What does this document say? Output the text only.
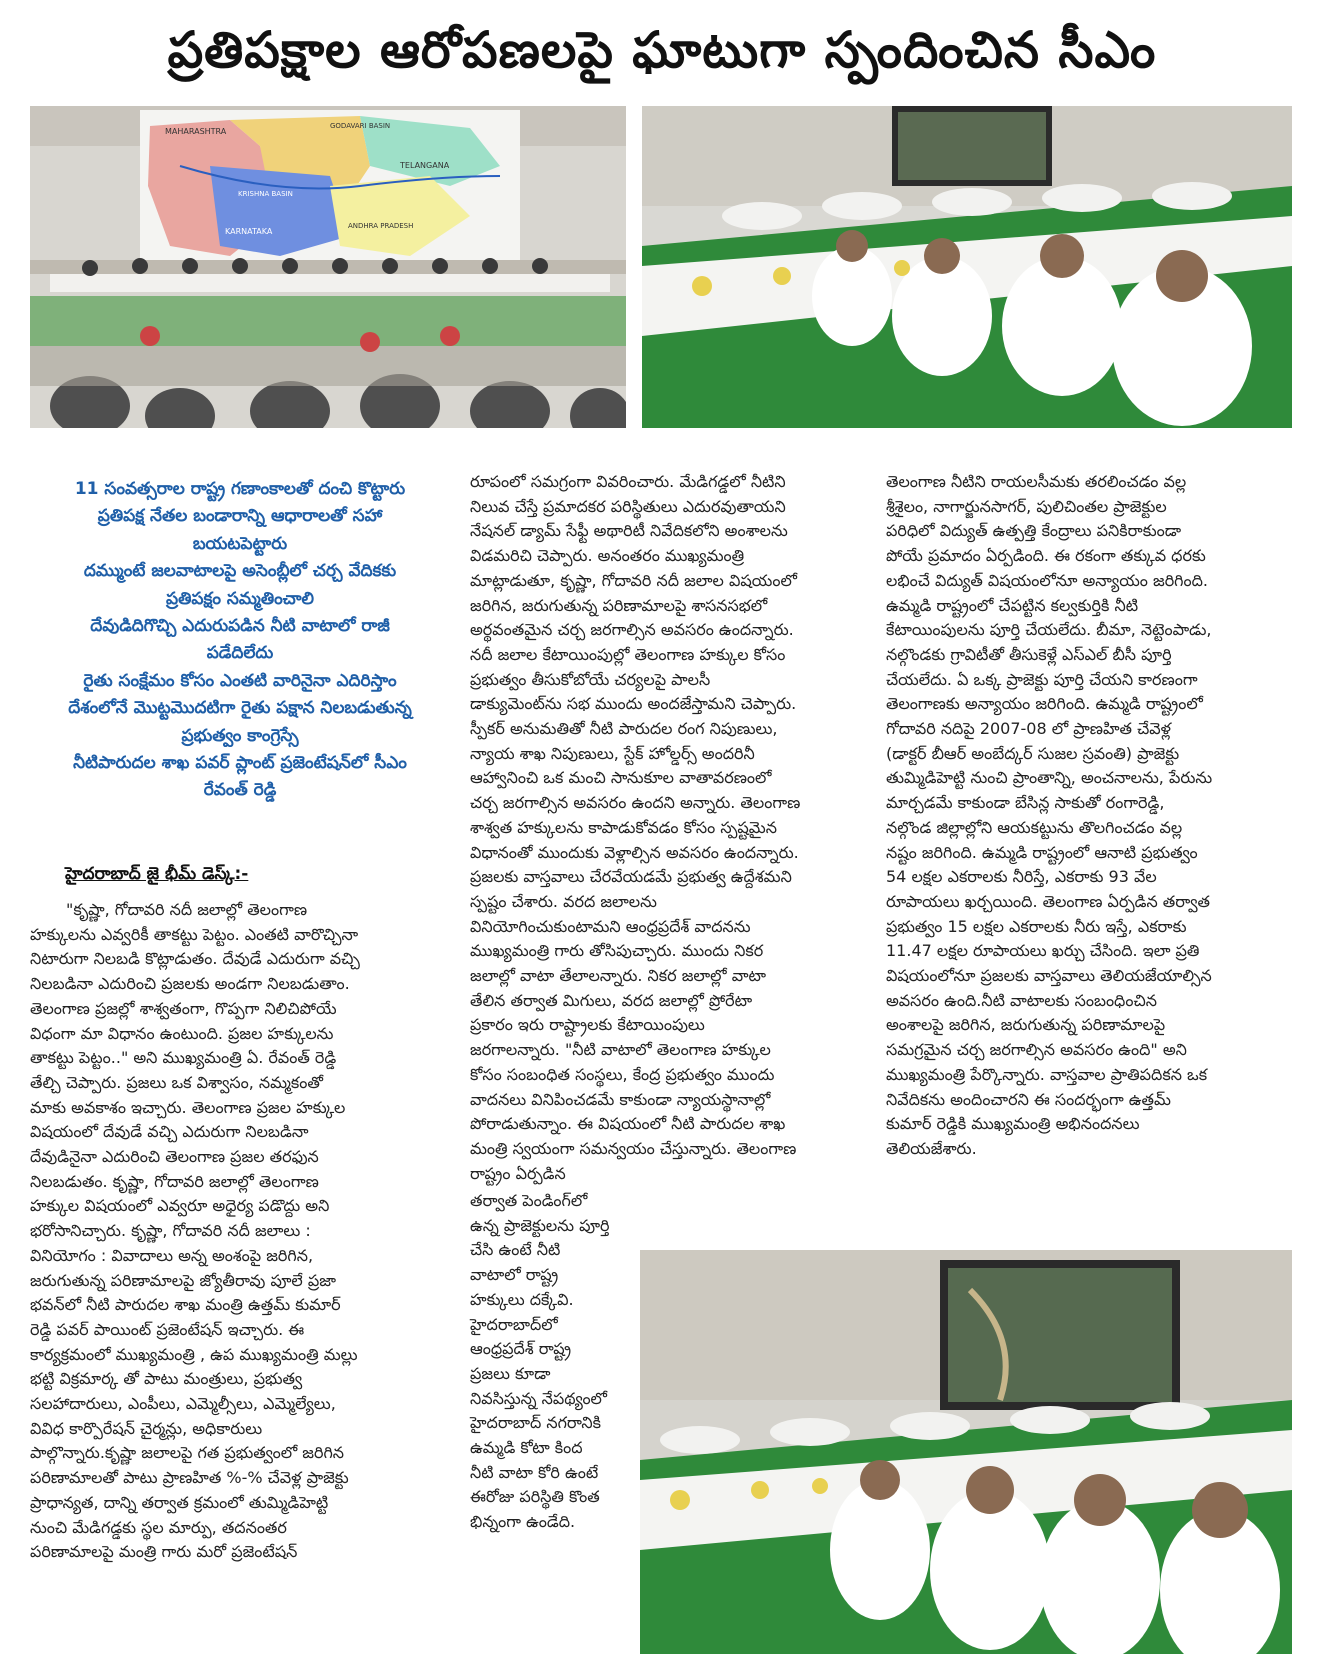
ప్రతిపక్షాల ఆరోపణలపై ఘాటుగా స్పందించిన సీఎం
MAHARASHTRA
GODAVARI BASIN
TELANGANA
KRISHNA BASIN
KARNATAKA
ANDHRA PRADESH

11 సంవత్సరాల రాష్ట్ర గణాంకాలతో దంచి కొట్టారు

ప్రతిపక్ష నేతల బండారాన్ని ఆధారాలతో సహా

బయటపెట్టారు

దమ్ముంటే జలవాటాలపై అసెంబ్లీలో చర్చ వేదికకు

ప్రతిపక్షం సమ్మతించాలి

దేవుడిదిగొచ్చి ఎదురుపడిన నీటి వాటాలో రాజీ

పడేదిలేదు

రైతు సంక్షేమం కోసం ఎంతటి వారినైనా ఎదిరిస్తాం

దేశంలోనే మొట్టమొదటిగా రైతు పక్షాన నిలబడుతున్న

ప్రభుత్వం కాంగ్రెస్సే

నీటిపారుదల శాఖ పవర్ ప్లాంట్ ప్రజెంటేషన్‌లో సీఎం

రేవంత్ రెడ్డి

హైదరాబాద్ జై భీమ్ డెస్క్:-

"కృష్ణా, గోదావరి నదీ జలాల్లో తెలంగాణ

హక్కులను ఎవ్వరికీ తాకట్టు పెట్టం. ఎంతటి వారొచ్చినా

నిటారుగా నిలబడి కొట్లాడుతం. దేవుడే ఎదురుగా వచ్చి

నిలబడినా ఎదురించి ప్రజలకు అండగా నిలబడుతాం.

తెలంగాణ ప్రజల్లో శాశ్వతంగా, గొప్పగా నిలిచిపోయే

విధంగా మా విధానం ఉంటుంది. ప్రజల హక్కులను

తాకట్టు పెట్టం.." అని ముఖ్యమంత్రి ఏ. రేవంత్ రెడ్డి

తేల్చి చెప్పారు. ప్రజలు ఒక విశ్వాసం, నమ్మకంతో

మాకు అవకాశం ఇచ్చారు. తెలంగాణ ప్రజల హక్కుల

విషయంలో దేవుడే వచ్చి ఎదురుగా నిలబడినా

దేవుడినైనా ఎదురించి తెలంగాణ ప్రజల తరఫున

నిలబడుతం. కృష్ణా, గోదావరి జలాల్లో తెలంగాణ

హక్కుల విషయంలో ఎవ్వరూ అధైర్య పడొద్దు అని

భరోసానిచ్చారు. కృష్ణా, గోదావరి నదీ జలాలు :

వినియోగం : వివాదాలు అన్న అంశంపై జరిగిన,

జరుగుతున్న పరిణామాలపై జ్యోతీరావు పూలే ప్రజా

భవన్‌లో నీటి పారుదల శాఖ మంత్రి ఉత్తమ్ కుమార్

రెడ్డి పవర్ పాయింట్ ప్రజెంటేషన్ ఇచ్చారు. ఈ

కార్యక్రమంలో ముఖ్యమంత్రి , ఉప ముఖ్యమంత్రి మల్లు

భట్టి విక్రమార్క తో పాటు మంత్రులు, ప్రభుత్వ

సలహాదారులు, ఎంపీలు, ఎమ్మెల్సీలు, ఎమ్మెల్యేలు,

వివిధ కార్పొరేషన్ చైర్మన్లు, అధికారులు

పాల్గొన్నారు.కృష్ణా జలాలపై గత ప్రభుత్వంలో జరిగిన

పరిణామాలతో పాటు ప్రాణహిత %-% చేవెళ్ల ప్రాజెక్టు

ప్రాధాన్యత, దాన్ని తర్వాత క్రమంలో తుమ్మిడిహెట్టి

నుంచి మేడిగడ్డకు స్థల మార్పు, తదనంతర

పరిణామాలపై మంత్రి గారు మరో ప్రజెంటేషన్

రూపంలో సమగ్రంగా వివరించారు. మేడిగడ్డలో నీటిని

నిలువ చేస్తే ప్రమాదకర పరిస్థితులు ఎదురవుతాయని

నేషనల్ డ్యామ్ సేఫ్టీ అథారిటీ నివేదికలోని అంశాలను

విడమరిచి చెప్పారు. అనంతరం ముఖ్యమంత్రి

మాట్లాడుతూ, కృష్ణా, గోదావరి నదీ జలాల విషయంలో

జరిగిన, జరుగుతున్న పరిణామాలపై శాసనసభలో

అర్థవంతమైన చర్చ జరగాల్సిన అవసరం ఉందన్నారు.

నదీ జలాల కేటాయింపుల్లో తెలంగాణ హక్కుల కోసం

ప్రభుత్వం తీసుకోబోయే చర్యలపై పాలసీ

డాక్యుమెంట్‌ను సభ ముందు అందజేస్తామని చెప్పారు.

స్పీకర్ అనుమతితో నీటి పారుదల రంగ నిపుణులు,

న్యాయ శాఖ నిపుణులు, స్టేక్ హోల్డర్స్ అందరినీ

ఆహ్వానించి ఒక మంచి సానుకూల వాతావరణంలో

చర్చ జరగాల్సిన అవసరం ఉందని అన్నారు. తెలంగాణ

శాశ్వత హక్కులను కాపాడుకోవడం కోసం స్పష్టమైన

విధానంతో ముందుకు వెళ్లాల్సిన అవసరం ఉందన్నారు.

ప్రజలకు వాస్తవాలు చేరవేయడమే ప్రభుత్వ ఉద్దేశమని

స్పష్టం చేశారు. వరద జలాలను

వినియోగించుకుంటామని ఆంధ్రప్రదేశ్ వాదనను

ముఖ్యమంత్రి గారు తోసిపుచ్చారు. ముందు నికర

జలాల్లో వాటా తేలాలన్నారు. నికర జలాల్లో వాటా

తేలిన తర్వాత మిగులు, వరద జలాల్లో ప్రోరేటా

ప్రకారం ఇరు రాష్ట్రాలకు కేటాయింపులు

జరగాలన్నారు. "నీటి వాటాలో తెలంగాణ హక్కుల

కోసం సంబంధిత సంస్థలు, కేంద్ర ప్రభుత్వం ముందు

వాదనలు వినిపించడమే కాకుండా న్యాయస్థానాల్లో

పోరాడుతున్నాం. ఈ విషయంలో నీటి పారుదల శాఖ

మంత్రి స్వయంగా సమన్వయం చేస్తున్నారు. తెలంగాణ

రాష్ట్రం ఏర్పడిన

తర్వాత పెండింగ్‌లో

ఉన్న ప్రాజెక్టులను పూర్తి

చేసి ఉంటే నీటి

వాటాలో రాష్ట్ర

హక్కులు దక్కేవి.

హైదరాబాద్‌లో

ఆంధ్రప్రదేశ్ రాష్ట్ర

ప్రజలు కూడా

నివసిస్తున్న నేపథ్యంలో

హైదరాబాద్ నగరానికి

ఉమ్మడి కోటా కింద

నీటి వాటా కోరి ఉంటే

ఈరోజు పరిస్థితి కొంత

భిన్నంగా ఉండేది.

తెలంగాణ నీటిని రాయలసీమకు తరలించడం వల్ల

శ్రీశైలం, నాగార్జునసాగర్, పులిచింతల ప్రాజెక్టుల

పరిధిలో విద్యుత్ ఉత్పత్తి కేంద్రాలు పనికిరాకుండా

పోయే ప్రమాదం ఏర్పడింది. ఈ రకంగా తక్కువ ధరకు

లభించే విద్యుత్ విషయంలోనూ అన్యాయం జరిగింది.

ఉమ్మడి రాష్ట్రంలో చేపట్టిన కల్వకుర్తికి నీటి

కేటాయింపులను పూర్తి చేయలేదు. బీమా, నెట్టెంపాడు,

నల్గొండకు గ్రావిటీతో తీసుకెళ్లే ఎస్ఎల్ బీసీ పూర్తి

చేయలేదు. ఏ ఒక్క ప్రాజెక్టు పూర్తి చేయని కారణంగా

తెలంగాణకు అన్యాయం జరిగింది. ఉమ్మడి రాష్ట్రంలో

గోదావరి నదిపై 2007-08 లో ప్రాణహిత చేవెళ్ల

(డాక్టర్ బీఆర్ అంబేద్కర్ సుజల స్రవంతి) ప్రాజెక్టు

తుమ్మిడిహెట్టి నుంచి ప్రాంతాన్ని, అంచనాలను, పేరును

మార్చడమే కాకుండా బేసిన్ల సాకుతో రంగారెడ్డి,

నల్గొండ జిల్లాల్లోని ఆయకట్టును తొలగించడం వల్ల

నష్టం జరిగింది. ఉమ్మడి రాష్ట్రంలో ఆనాటి ప్రభుత్వం

54 లక్షల ఎకరాలకు నీరిస్తే, ఎకరాకు 93 వేల

రూపాయలు ఖర్చయింది. తెలంగాణ ఏర్పడిన తర్వాత

ప్రభుత్వం 15 లక్షల ఎకరాలకు నీరు ఇస్తే, ఎకరాకు

11.47 లక్షల రూపాయలు ఖర్చు చేసింది. ఇలా ప్రతి

విషయంలోనూ ప్రజలకు వాస్తవాలు తెలియజేయాల్సిన

అవసరం ఉంది.నీటి వాటాలకు సంబంధించిన

అంశాలపై జరిగిన, జరుగుతున్న పరిణామాలపై

సమగ్రమైన చర్చ జరగాల్సిన అవసరం ఉంది" అని

ముఖ్యమంత్రి పేర్కొన్నారు. వాస్తవాల ప్రాతిపదికన ఒక

నివేదికను అందించారని ఈ సందర్భంగా ఉత్తమ్

కుమార్ రెడ్డికి ముఖ్యమంత్రి అభినందనలు

తెలియజేశారు.
